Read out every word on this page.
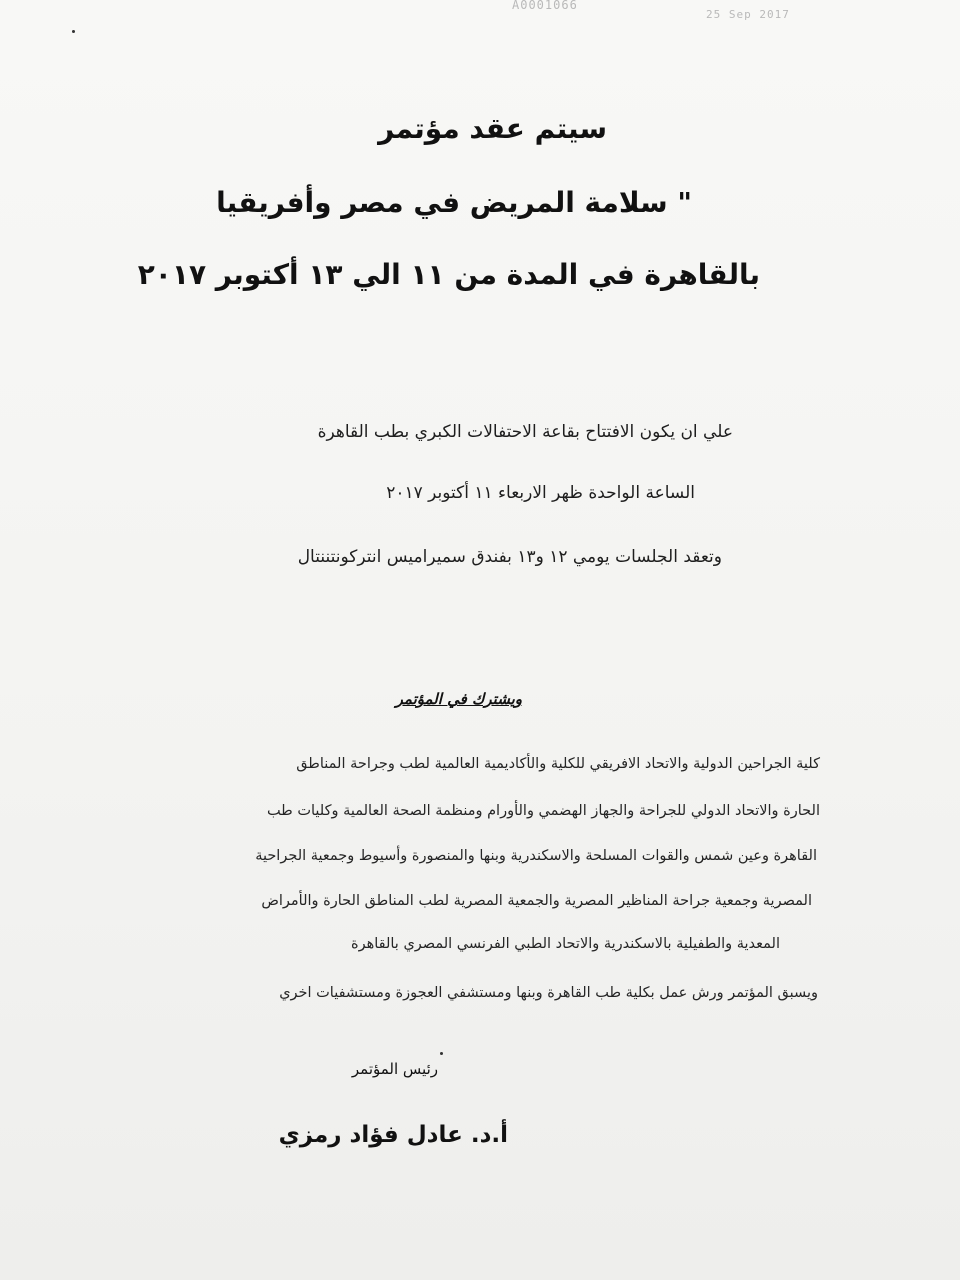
A0001066
25 Sep 2017
سيتم عقد مؤتمر
" سلامة المريض في مصر وأفريقيا
بالقاهرة في المدة من ١١ الي ١٣ أكتوبر ٢٠١٧
علي ان يكون الافتتاح بقاعة الاحتفالات الكبري بطب القاهرة
الساعة الواحدة ظهر الاربعاء ١١ أكتوبر ٢٠١٧
وتعقد الجلسات يومي ١٢ و١٣ بفندق سميراميس انتركونتننتال
ويشترك في المؤتمر
كلية الجراحين الدولية والاتحاد الافريقي للكلية والأكاديمية العالمية لطب وجراحة المناطق
الحارة والاتحاد الدولي للجراحة والجهاز الهضمي والأورام ومنظمة الصحة العالمية وكليات طب
القاهرة وعين شمس والقوات المسلحة والاسكندرية وبنها والمنصورة وأسيوط وجمعية الجراحية
المصرية وجمعية جراحة المناظير المصرية والجمعية المصرية لطب المناطق الحارة والأمراض
المعدية والطفيلية بالاسكندرية والاتحاد الطبي الفرنسي المصري بالقاهرة
ويسبق المؤتمر ورش عمل بكلية طب القاهرة وبنها ومستشفي العجوزة ومستشفيات اخري
رئيس المؤتمر
أ.د. عادل فؤاد رمزي
